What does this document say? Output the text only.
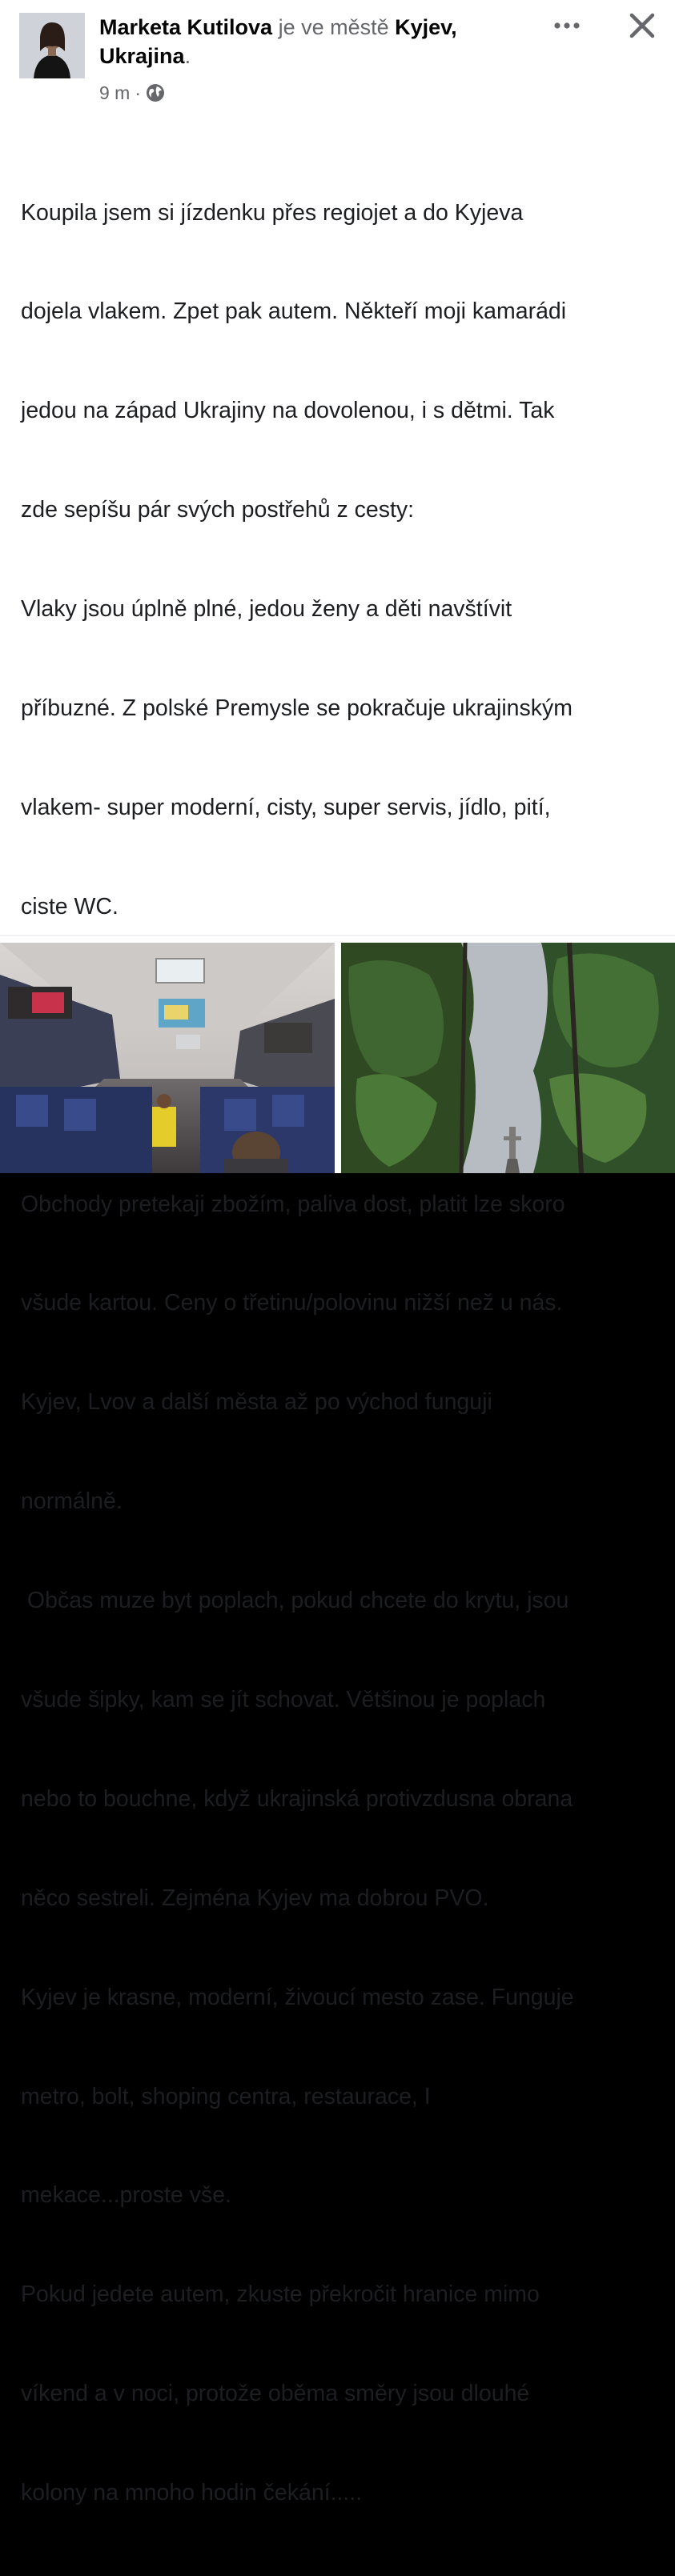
Marketa Kutilova je ve městě Kyjev, Ukrajina.
9 m ·

Koupila jsem si jízdenku přes regiojet a do Kyjeva

dojela vlakem. Zpet pak autem. Někteří moji kamarádi

jedou na západ Ukrajiny na dovolenou, i s dětmi. Tak

zde sepíšu pár svých postřehů z cesty:

Vlaky jsou úplně plné, jedou ženy a děti navštívit

příbuzné. Z polské Premysle se pokračuje ukrajinským

vlakem- super moderní, cisty, super servis, jídlo, pití,

ciste WC.

Obchody pretekaji zbožím, paliva dost, platit lze skoro

všude kartou. Ceny o třetinu/polovinu nižší než u nás.

Kyjev, Lvov a další města až po východ funguji

normálně.

Občas muze byt poplach, pokud chcete do krytu, jsou

všude šipky, kam se jít schovat. Většinou je poplach

nebo to bouchne, když ukrajinská protivzdusna obrana

něco sestreli. Zejména Kyjev ma dobrou PVO.

Kyjev je krasne, moderní, živoucí mesto zase. Funguje

metro, bolt, shoping centra, restaurace, I

mekace...proste vše.

Pokud jedete autem, zkuste překročit hranice mimo

víkend a v noci, protože oběma směry jsou dlouhé

kolony na mnoho hodin čekání.....
